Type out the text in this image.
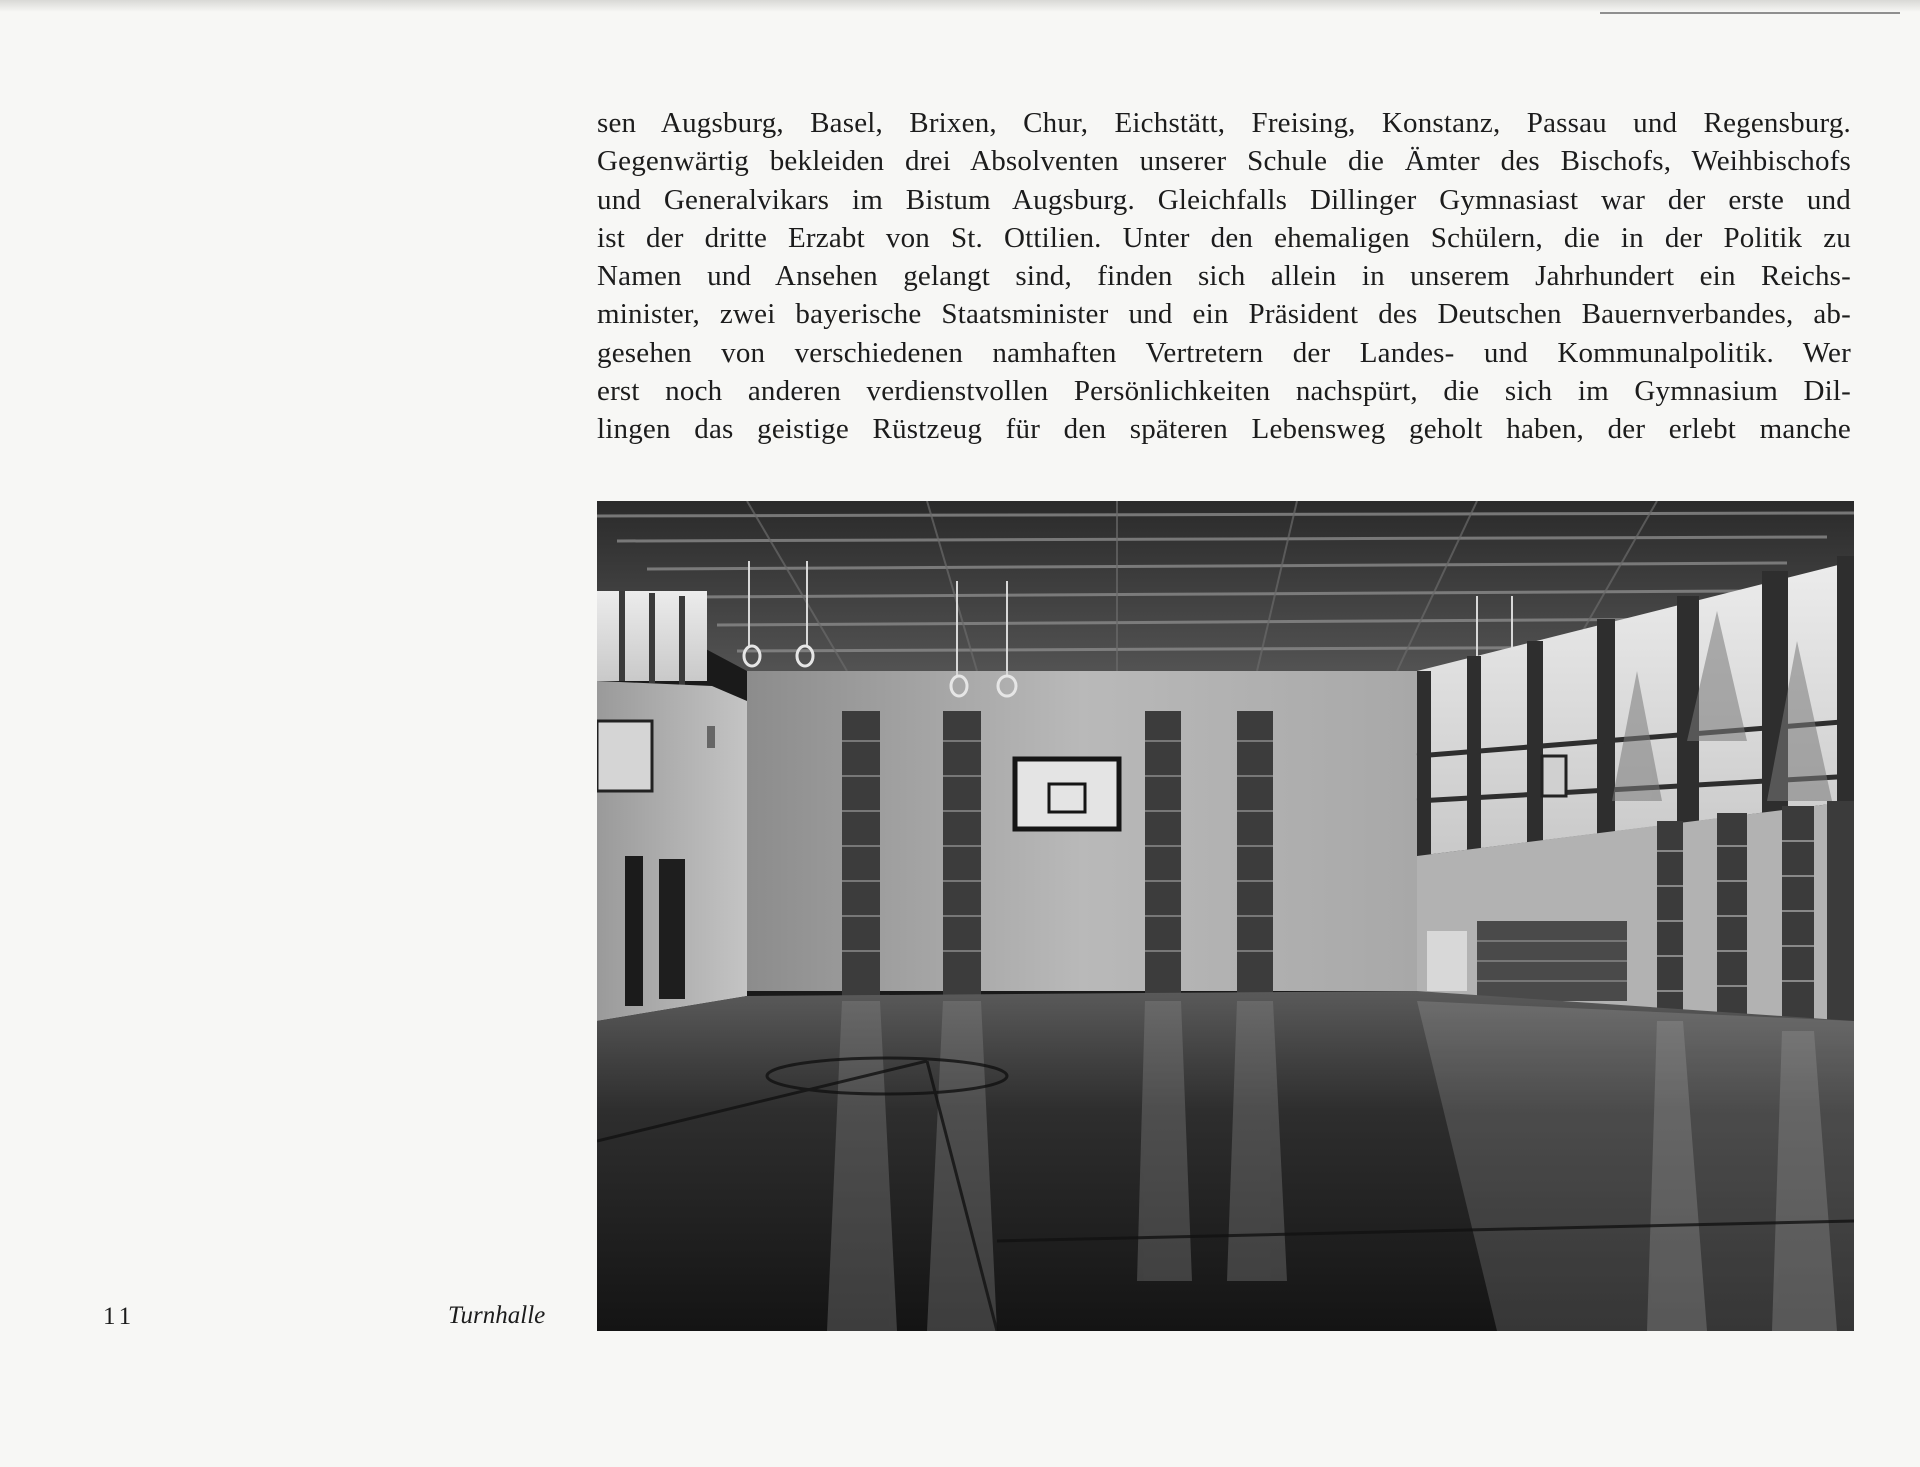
sen Augsburg, Basel, Brixen, Chur, Eichstätt, Freising, Konstanz, Passau und Regensburg.
Gegenwärtig bekleiden drei Absolventen unserer Schule die Ämter des Bischofs, Weihbischofs
und Generalvikars im Bistum Augsburg. Gleichfalls Dillinger Gymnasiast war der erste und
ist der dritte Erzabt von St. Ottilien. Unter den ehemaligen Schülern, die in der Politik zu
Namen und Ansehen gelangt sind, finden sich allein in unserem Jahrhundert ein Reichs-
minister, zwei bayerische Staatsminister und ein Präsident des Deutschen Bauernverbandes, ab-
gesehen von verschiedenen namhaften Vertretern der Landes- und Kommunalpolitik. Wer
erst noch anderen verdienstvollen Persönlichkeiten nachspürt, die sich im Gymnasium Dil-
lingen das geistige Rüstzeug für den späteren Lebensweg geholt haben, der erlebt manche
11	Turnhalle
